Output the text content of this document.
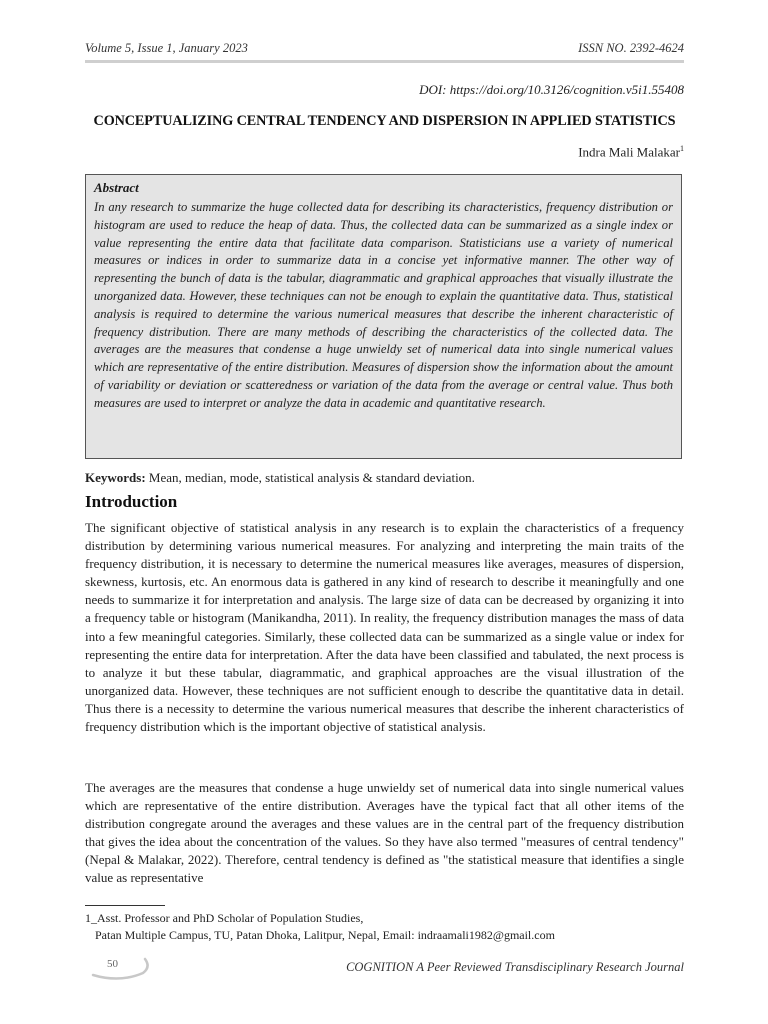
Volume 5, Issue 1, January 2023	ISSN NO. 2392-4624
DOI: https://doi.org/10.3126/cognition.v5i1.55408
CONCEPTUALIZING CENTRAL TENDENCY AND DISPERSION IN APPLIED STATISTICS
Indra Mali Malakar$^1$

Abstract

In any research to summarize the huge collected data for describing its characteristics, frequency distribution or histogram are used to reduce the heap of data. Thus, the collected data can be summarized as a single index or value representing the entire data that facilitate data comparison. Statisticians use a variety of numerical measures or indices in order to summarize data in a concise yet informative manner. The other way of representing the bunch of data is the tabular, diagrammatic and graphical approaches that visually illustrate the unorganized data. However, these techniques can not be enough to explain the quantitative data. Thus, statistical analysis is required to determine the various numerical measures that describe the inherent characteristic of frequency distribution. There are many methods of describing the characteristics of the collected data. The averages are the measures that condense a huge unwieldy set of numerical data into single numerical values which are representative of the entire distribution. Measures of dispersion show the information about the amount of variability or deviation or scatteredness or variation of the data from the average or central value. Thus both measures are used to interpret or analyze the data in academic and quantitative research.

Keywords: Mean, median, mode, statistical analysis & standard deviation.
Introduction

The significant objective of statistical analysis in any research is to explain the characteristics of a frequency distribution by determining various numerical measures. For analyzing and interpreting the main traits of the frequency distribution, it is necessary to determine the numerical measures like averages, measures of dispersion, skewness, kurtosis, etc. An enormous data is gathered in any kind of research to describe it meaningfully and one needs to summarize it for interpretation and analysis. The large size of data can be decreased by organizing it into a frequency table or histogram (Manikandha, 2011). In reality, the frequency distribution manages the mass of data into a few meaningful categories. Similarly, these collected data can be summarized as a single value or index for representing the entire data for interpretation. After the data have been classified and tabulated, the next process is to analyze it but these tabular, diagrammatic, and graphical approaches are the visual illustration of the unorganized data. However, these techniques are not sufficient enough to describe the quantitative data in detail. Thus there is a necessity to determine the various numerical measures that describe the inherent characteristics of frequency distribution which is the important objective of statistical analysis.

The averages are the measures that condense a huge unwieldy set of numerical data into single numerical values which are representative of the entire distribution. Averages have the typical fact that all other items of the distribution congregate around the averages and these values are in the central part of the frequency distribution that gives the idea about the concentration of the values. So they have also termed "measures of central tendency" (Nepal & Malakar, 2022). Therefore, central tendency is defined as "the statistical measure that identifies a single value as representative

1_Asst. Professor and PhD Scholar of Population Studies,
Patan Multiple Campus, TU, Patan Dhoka, Lalitpur, Nepal, Email: indraamali1982@gmail.com
50	COGNITION A Peer Reviewed Transdisciplinary Research Journal
